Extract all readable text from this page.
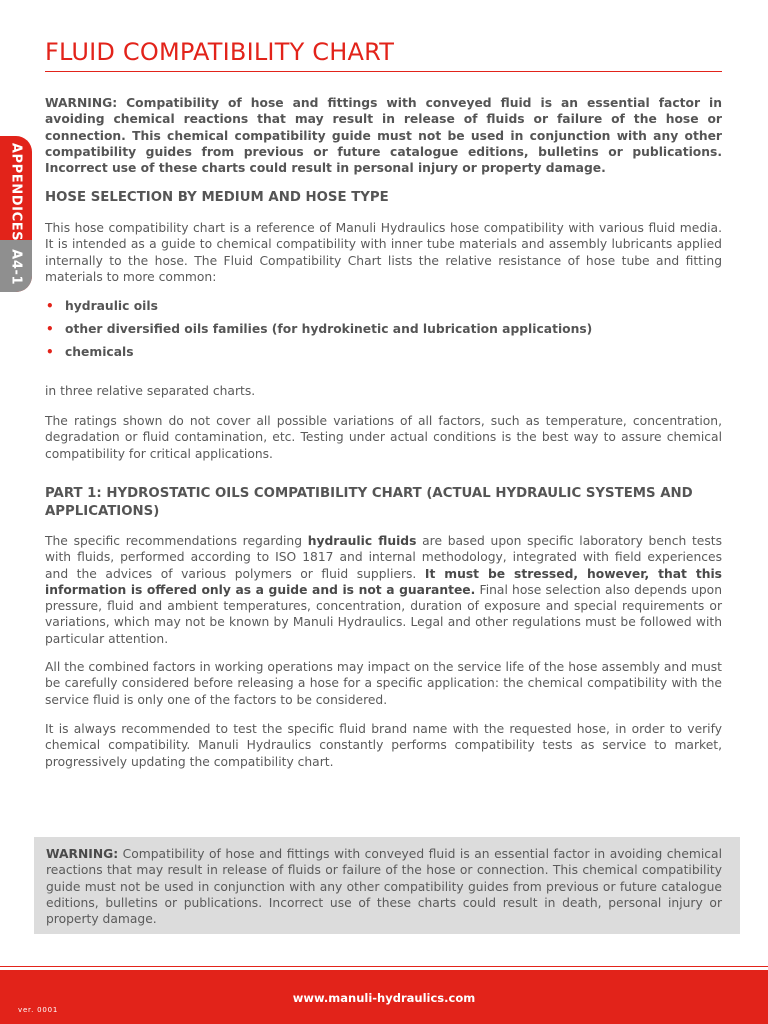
FLUID COMPATIBILITY CHART
APPENDICESA4-1
WARNING: Compatibility of hose and fittings with conveyed fluid is an essential factor in avoiding chemical reactions that may result in release of fluids or failure of the hose or connection. This chemical compatibility guide must not be used in conjunction with any other compatibility guides from previous or future catalogue editions, bulletins or publications. Incorrect use of these charts could result in personal injury or property damage.
HOSE SELECTION BY MEDIUM AND HOSE TYPE
This hose compatibility chart is a reference of Manuli Hydraulics hose compatibility with various fluid media. It is intended as a guide to chemical compatibility with inner tube materials and assembly lubricants applied internally to the hose. The Fluid Compatibility Chart lists the relative resistance of hose tube and fitting materials to more common:
• hydraulic oils
• other diversified oils families (for hydrokinetic and lubrication applications)
• chemicals
in three relative separated charts.
The ratings shown do not cover all possible variations of all factors, such as temperature, concentration, degradation or fluid contamination, etc. Testing under actual conditions is the best way to assure chemical compatibility for critical applications.
PART 1: HYDROSTATIC OILS COMPATIBILITY CHART (ACTUAL HYDRAULIC SYSTEMS AND APPLICATIONS)
The specific recommendations regarding hydraulic fluids are based upon specific laboratory bench tests with fluids, performed according to ISO 1817 and internal methodology, integrated with field experiences and the advices of various polymers or fluid suppliers. It must be stressed, however, that this information is offered only as a guide and is not a guarantee. Final hose selection also depends upon pressure, fluid and ambient temperatures, concentration, duration of exposure and special requirements or variations, which may not be known by Manuli Hydraulics. Legal and other regulations must be followed with particular attention.
All the combined factors in working operations may impact on the service life of the hose assembly and must be carefully considered before releasing a hose for a specific application: the chemical compatibility with the service fluid is only one of the factors to be considered.
It is always recommended to test the specific fluid brand name with the requested hose, in order to verify chemical compatibility. Manuli Hydraulics constantly performs compatibility tests as service to market, progressively updating the compatibility chart.
WARNING: Compatibility of hose and fittings with conveyed fluid is an essential factor in avoiding chemical reactions that may result in release of fluids or failure of the hose or connection. This chemical compatibility guide must not be used in conjunction with any other compatibility guides from previous or future catalogue editions, bulletins or publications. Incorrect use of these charts could result in death, personal injury or property damage.
www.manuli-hydraulics.com
ver. 0001
